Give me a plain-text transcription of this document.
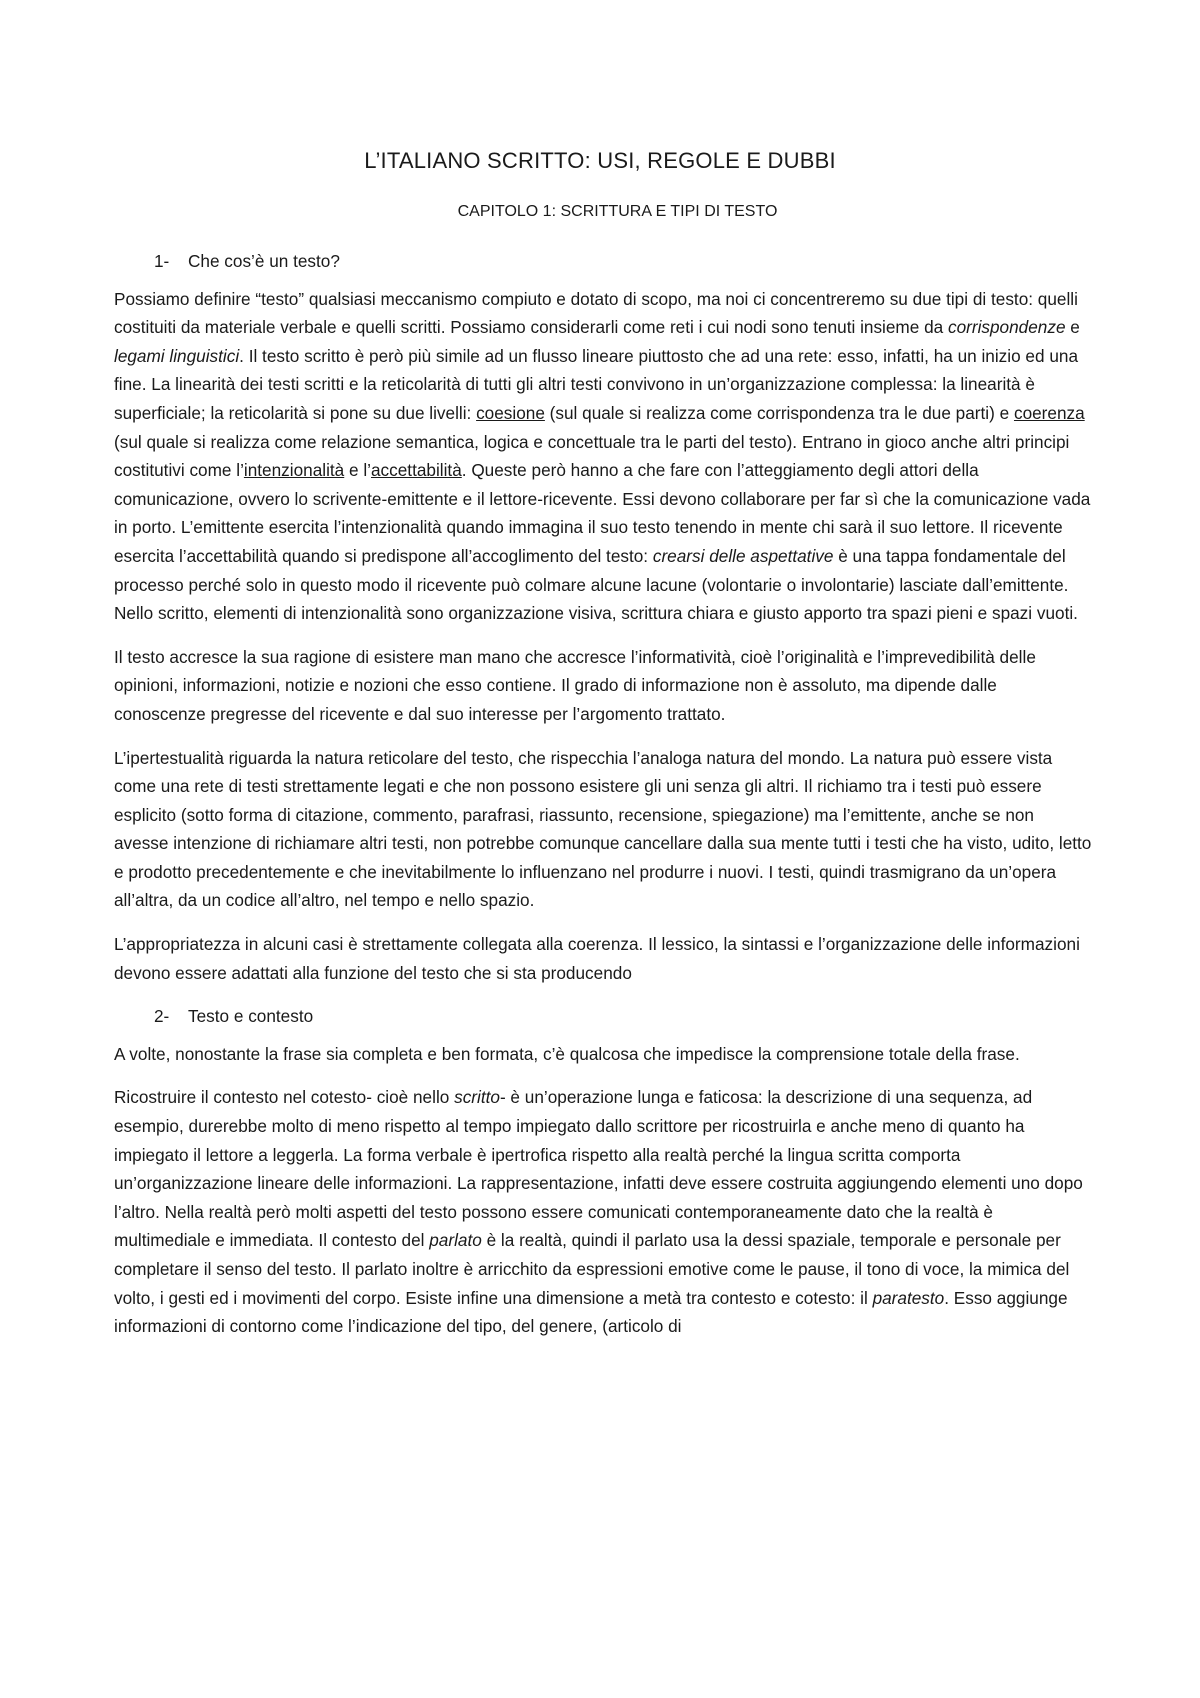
L’ITALIANO SCRITTO: USI, REGOLE E DUBBI
CAPITOLO 1: SCRITTURA E TIPI DI TESTO
1- Che cos’è un testo?

Possiamo definire “testo” qualsiasi meccanismo compiuto e dotato di scopo, ma noi ci concentreremo su due tipi di testo: quelli costituiti da materiale verbale e quelli scritti. Possiamo considerarli come reti i cui nodi sono tenuti insieme da corrispondenze e legami linguistici. Il testo scritto è però più simile ad un flusso lineare piuttosto che ad una rete: esso, infatti, ha un inizio ed una fine. La linearità dei testi scritti e la reticolarità di tutti gli altri testi convivono in un’organizzazione complessa: la linearità è superficiale; la reticolarità si pone su due livelli: coesione (sul quale si realizza come corrispondenza tra le due parti) e coerenza (sul quale si realizza come relazione semantica, logica e concettuale tra le parti del testo). Entrano in gioco anche altri principi costitutivi come l’intenzionalità e l’accettabilità. Queste però hanno a che fare con l’atteggiamento degli attori della comunicazione, ovvero lo scrivente-emittente e il lettore-ricevente. Essi devono collaborare per far sì che la comunicazione vada in porto. L’emittente esercita l’intenzionalità quando immagina il suo testo tenendo in mente chi sarà il suo lettore. Il ricevente esercita l’accettabilità quando si predispone all’accoglimento del testo: crearsi delle aspettative è una tappa fondamentale del processo perché solo in questo modo il ricevente può colmare alcune lacune (volontarie o involontarie) lasciate dall’emittente. Nello scritto, elementi di intenzionalità sono organizzazione visiva, scrittura chiara e giusto apporto tra spazi pieni e spazi vuoti.

Il testo accresce la sua ragione di esistere man mano che accresce l’informatività, cioè l’originalità e l’imprevedibilità delle opinioni, informazioni, notizie e nozioni che esso contiene. Il grado di informazione non è assoluto, ma dipende dalle conoscenze pregresse del ricevente e dal suo interesse per l’argomento trattato.

L’ipertestualità riguarda la natura reticolare del testo, che rispecchia l’analoga natura del mondo. La natura può essere vista come una rete di testi strettamente legati e che non possono esistere gli uni senza gli altri. Il richiamo tra i testi può essere esplicito (sotto forma di citazione, commento, parafrasi, riassunto, recensione, spiegazione) ma l’emittente, anche se non avesse intenzione di richiamare altri testi, non potrebbe comunque cancellare dalla sua mente tutti i testi che ha visto, udito, letto e prodotto precedentemente e che inevitabilmente lo influenzano nel produrre i nuovi. I testi, quindi trasmigrano da un’opera all’altra, da un codice all’altro, nel tempo e nello spazio.

L’appropriatezza in alcuni casi è strettamente collegata alla coerenza. Il lessico, la sintassi e l’organizzazione delle informazioni devono essere adattati alla funzione del testo che si sta producendo

2- Testo e contesto

A volte, nonostante la frase sia completa e ben formata, c’è qualcosa che impedisce la comprensione totale della frase.

Ricostruire il contesto nel cotesto- cioè nello scritto- è un’operazione lunga e faticosa: la descrizione di una sequenza, ad esempio, durerebbe molto di meno rispetto al tempo impiegato dallo scrittore per ricostruirla e anche meno di quanto ha impiegato il lettore a leggerla. La forma verbale è ipertrofica rispetto alla realtà perché la lingua scritta comporta un’organizzazione lineare delle informazioni. La rappresentazione, infatti deve essere costruita aggiungendo elementi uno dopo l’altro. Nella realtà però molti aspetti del testo possono essere comunicati contemporaneamente dato che la realtà è multimediale e immediata. Il contesto del parlato è la realtà, quindi il parlato usa la dessi spaziale, temporale e personale per completare il senso del testo. Il parlato inoltre è arricchito da espressioni emotive come le pause, il tono di voce, la mimica del volto, i gesti ed i movimenti del corpo. Esiste infine una dimensione a metà tra contesto e cotesto: il paratesto. Esso aggiunge informazioni di contorno come l’indicazione del tipo, del genere, (articolo di
